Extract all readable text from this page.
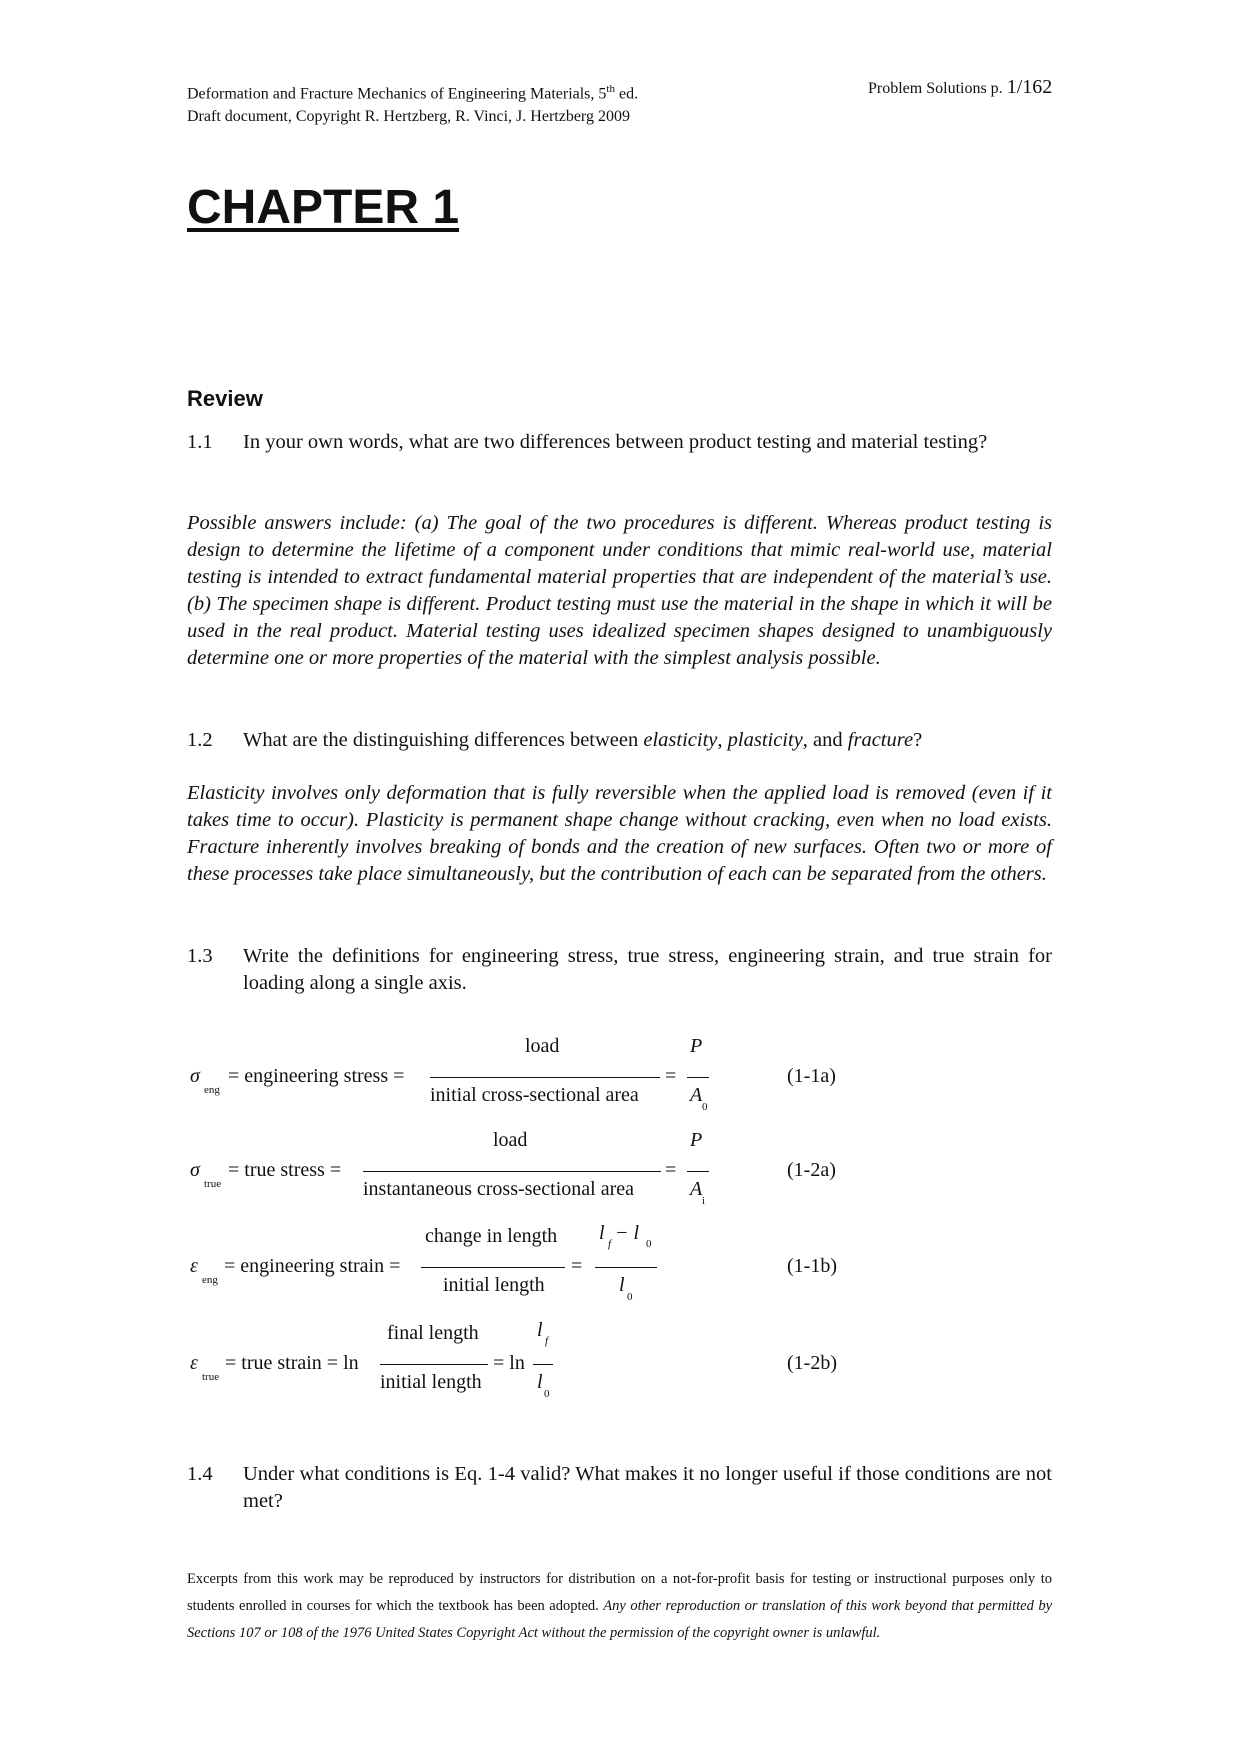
Deformation and Fracture Mechanics of Engineering Materials, 5th ed.
Draft document, Copyright R. Hertzberg, R. Vinci, J. Hertzberg 2009
Problem Solutions p. 1/162
CHAPTER 1
Review
1.1	In your own words, what are two differences between product testing and material testing?
Possible answers include: (a) The goal of the two procedures is different. Whereas product testing is design to determine the lifetime of a component under conditions that mimic real-world use, material testing is intended to extract fundamental material properties that are independent of the material’s use. (b) The specimen shape is different. Product testing must use the material in the shape in which it will be used in the real product. Material testing uses idealized specimen shapes designed to unambiguously determine one or more properties of the material with the simplest analysis possible.
1.2	What are the distinguishing differences between elasticity, plasticity, and fracture?
Elasticity involves only deformation that is fully reversible when the applied load is removed (even if it takes time to occur). Plasticity is permanent shape change without cracking, even when no load exists. Fracture inherently involves breaking of bonds and the creation of new surfaces. Often two or more of these processes take place simultaneously, but the contribution of each can be separated from the others.
1.3	Write the definitions for engineering stress, true stress, engineering strain, and true strain for loading along a single axis.
σ
eng
= engineering stress =
load
initial cross-sectional area
=
P
A
0
(1-1a)
σ
true
= true stress =
load
instantaneous cross-sectional area
=
P
A
i
(1-2a)
ε
eng
= engineering strain =
change in length
initial length
=
l f − l 0
l
0
(1-1b)
ε
true
= true strain = ln
final length
initial length
= ln
l f
l
0
(1-2b)
1.4	Under what conditions is Eq. 1-4 valid? What makes it no longer useful if those conditions are not met?
Excerpts from this work may be reproduced by instructors for distribution on a not-for-profit basis for testing or instructional purposes only to students enrolled in courses for which the textbook has been adopted. Any other reproduction or translation of this work beyond that permitted by Sections 107 or 108 of the 1976 United States Copyright Act without the permission of the copyright owner is unlawful.
